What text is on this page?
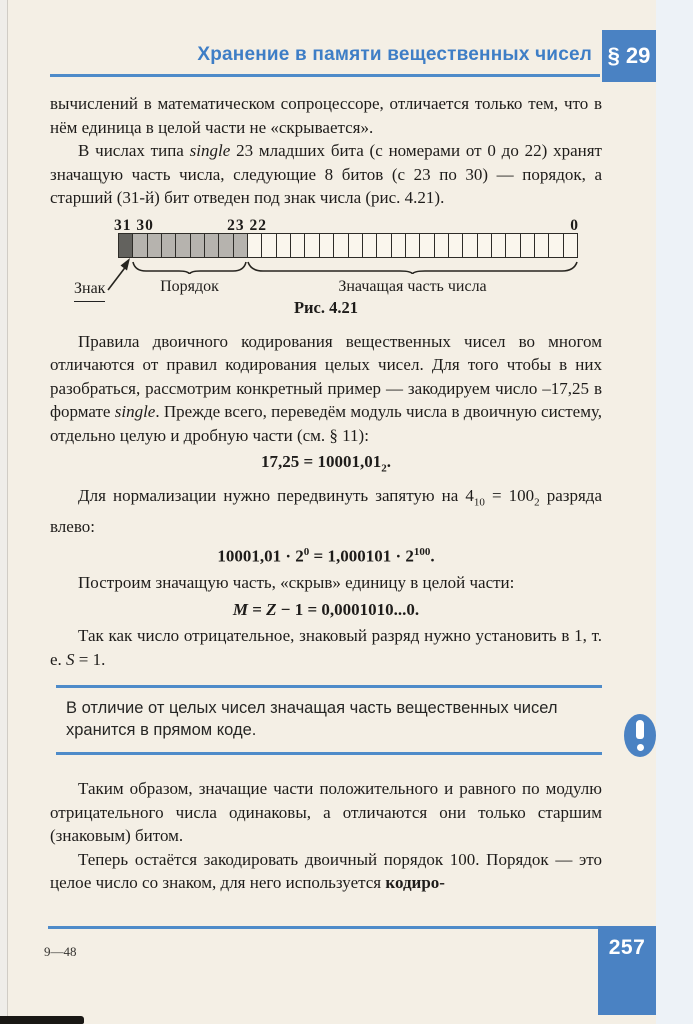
Хранение в памяти вещественных чисел § 29

вычислений в математическом сопроцессоре, отличается только тем, что в нём единица в целой части не «скрывается».

В числах типа single 23 младших бита (с номерами от 0 до 22) хранят значащую часть числа, следующие 8 битов (с 23 по 30) — порядок, а старший (31-й) бит отведен под знак числа (рис. 4.21).

31 30	23 22	0
Знак	Порядок	Значащая часть числа
Рис. 4.21

Правила двоичного кодирования вещественных чисел во многом отличаются от правил кодирования целых чисел. Для того чтобы в них разобраться, рассмотрим конкретный пример — закодируем число –17,25 в формате single. Прежде всего, переведём модуль числа в двоичную систему, отдельно целую и дробную части (см. § 11):

$17,25 = 10001,01_2$.

Для нормализации нужно передвинуть запятую на $4_{10} = 100_2$ разряда влево:

$10001,01 \cdot 2^0 = 1,000101 \cdot 2^{100}$.

Построим значащую часть, «скрыв» единицу в целой части:

M = Z − 1 = 0,0001010...0.

Так как число отрицательное, знаковый разряд нужно установить в 1, т. е. S = 1.

В отличие от целых чисел значащая часть вещественных чисел хранится в прямом коде.

Таким образом, значащие части положительного и равного по модулю отрицательного числа одинаковы, а отличаются они только старшим (знаковым) битом.

Теперь остаётся закодировать двоичный порядок 100. Порядок — это целое число со знаком, для него используется кодиро-

257
9—48
